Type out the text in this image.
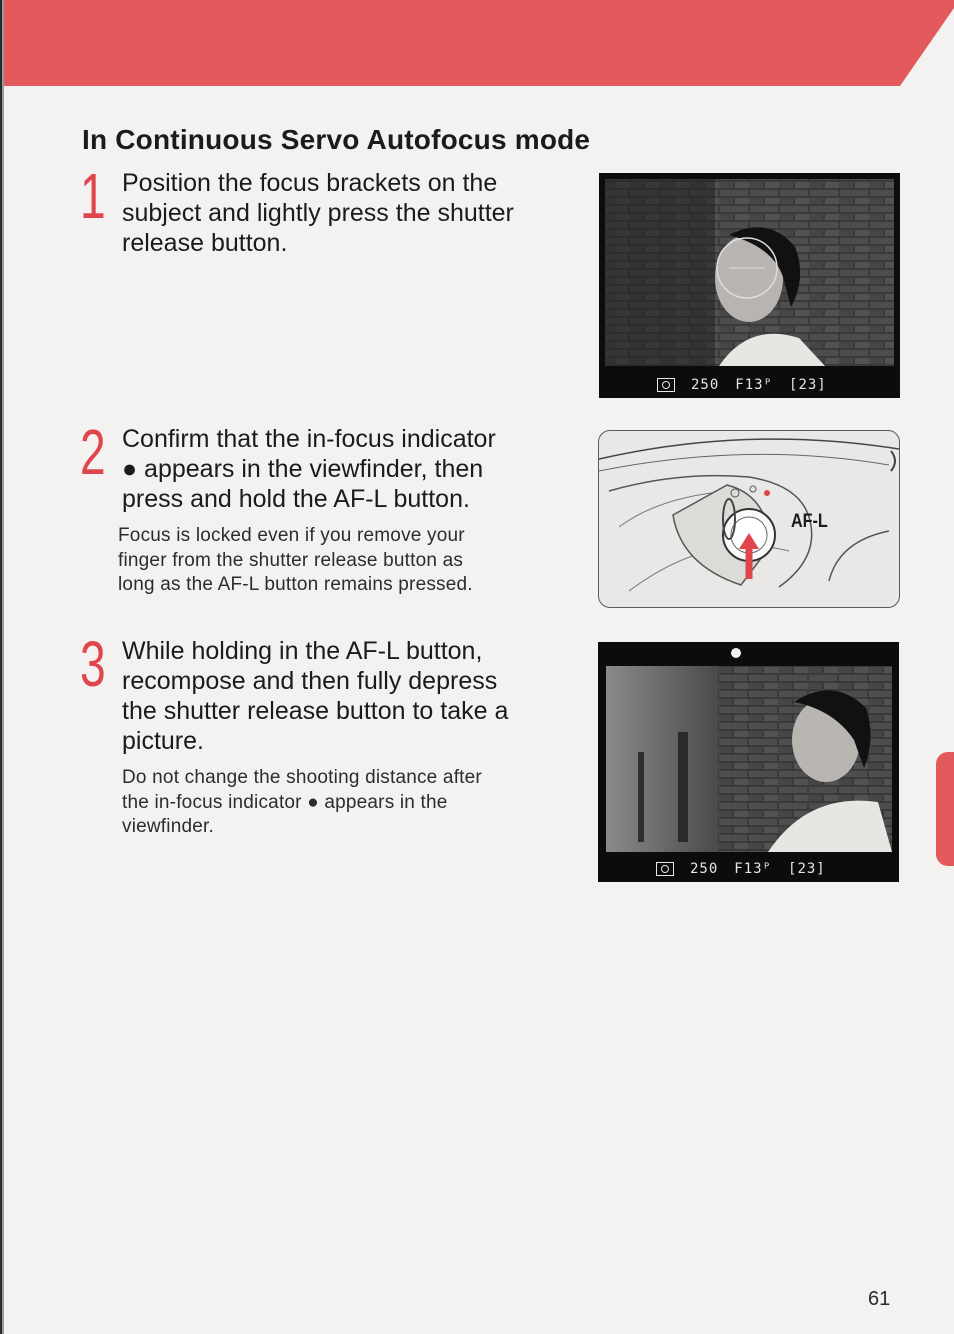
In Continuous Servo Autofocus mode
1 Position the focus brackets on the
subject and lightly press the shutter
release button.

2 Confirm that the in-focus indicator
● appears in the viewfinder, then
press and hold the AF-L button.

Focus is locked even if you remove your
finger from the shutter release button as
long as the AF-L button remains pressed.

3 While holding in the AF-L button,
recompose and then fully depress
the shutter release button to take a
picture.

Do not change the shooting distance after
the in-focus indicator ● appears in the
viewfinder.

250 F13ᴾ [23]
AF-L
250 F13ᴾ [23]
61
